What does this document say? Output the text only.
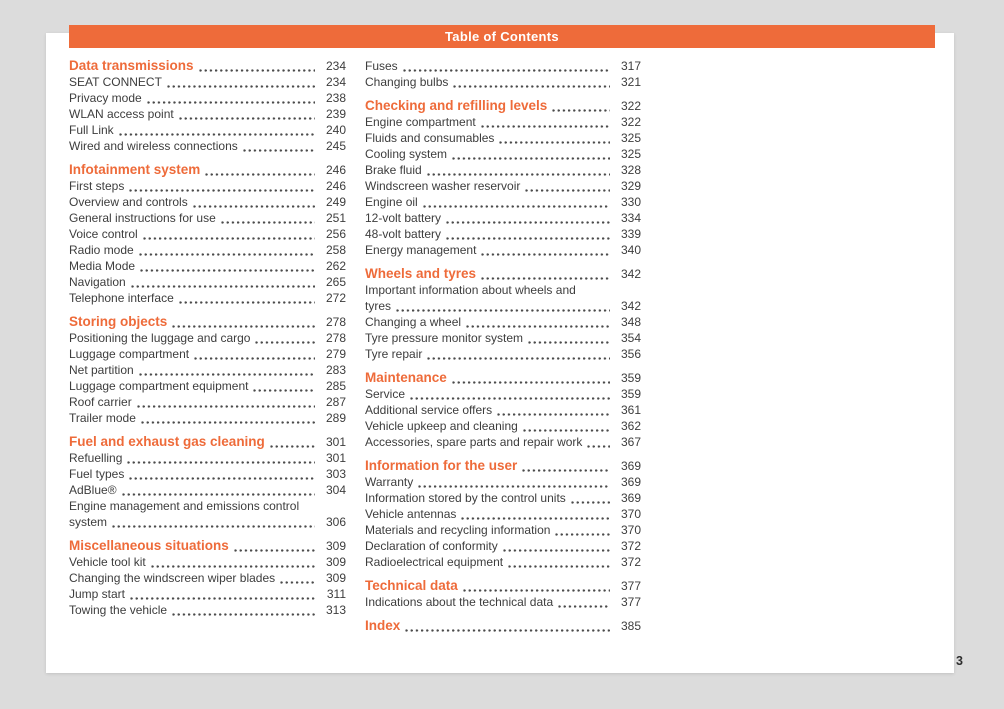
Table of Contents
Data transmissions	234
SEAT CONNECT	234
Privacy mode	238
WLAN access point	239
Full Link	240
Wired and wireless connections	245
Infotainment system	246
First steps	246
Overview and controls	249
General instructions for use	251
Voice control	256
Radio mode	258
Media Mode	262
Navigation	265
Telephone interface	272
Storing objects	278
Positioning the luggage and cargo	278
Luggage compartment	279
Net partition	283
Luggage compartment equipment	285
Roof carrier	287
Trailer mode	289
Fuel and exhaust gas cleaning	301
Refuelling	301
Fuel types	303
AdBlue®	304
Engine management and emissions control
system	306
Miscellaneous situations	309
Vehicle tool kit	309
Changing the windscreen wiper blades	309
Jump start	311
Towing the vehicle	313
Fuses	317
Changing bulbs	321
Checking and refilling levels	322
Engine compartment	322
Fluids and consumables	325
Cooling system	325
Brake fluid	328
Windscreen washer reservoir	329
Engine oil	330
12-volt battery	334
48-volt battery	339
Energy management	340
Wheels and tyres	342
Important information about wheels and
tyres	342
Changing a wheel	348
Tyre pressure monitor system	354
Tyre repair	356
Maintenance	359
Service	359
Additional service offers	361
Vehicle upkeep and cleaning	362
Accessories, spare parts and repair work	367
Information for the user	369
Warranty	369
Information stored by the control units	369
Vehicle antennas	370
Materials and recycling information	370
Declaration of conformity	372
Radioelectrical equipment	372
Technical data	377
Indications about the technical data	377
Index	385
3
